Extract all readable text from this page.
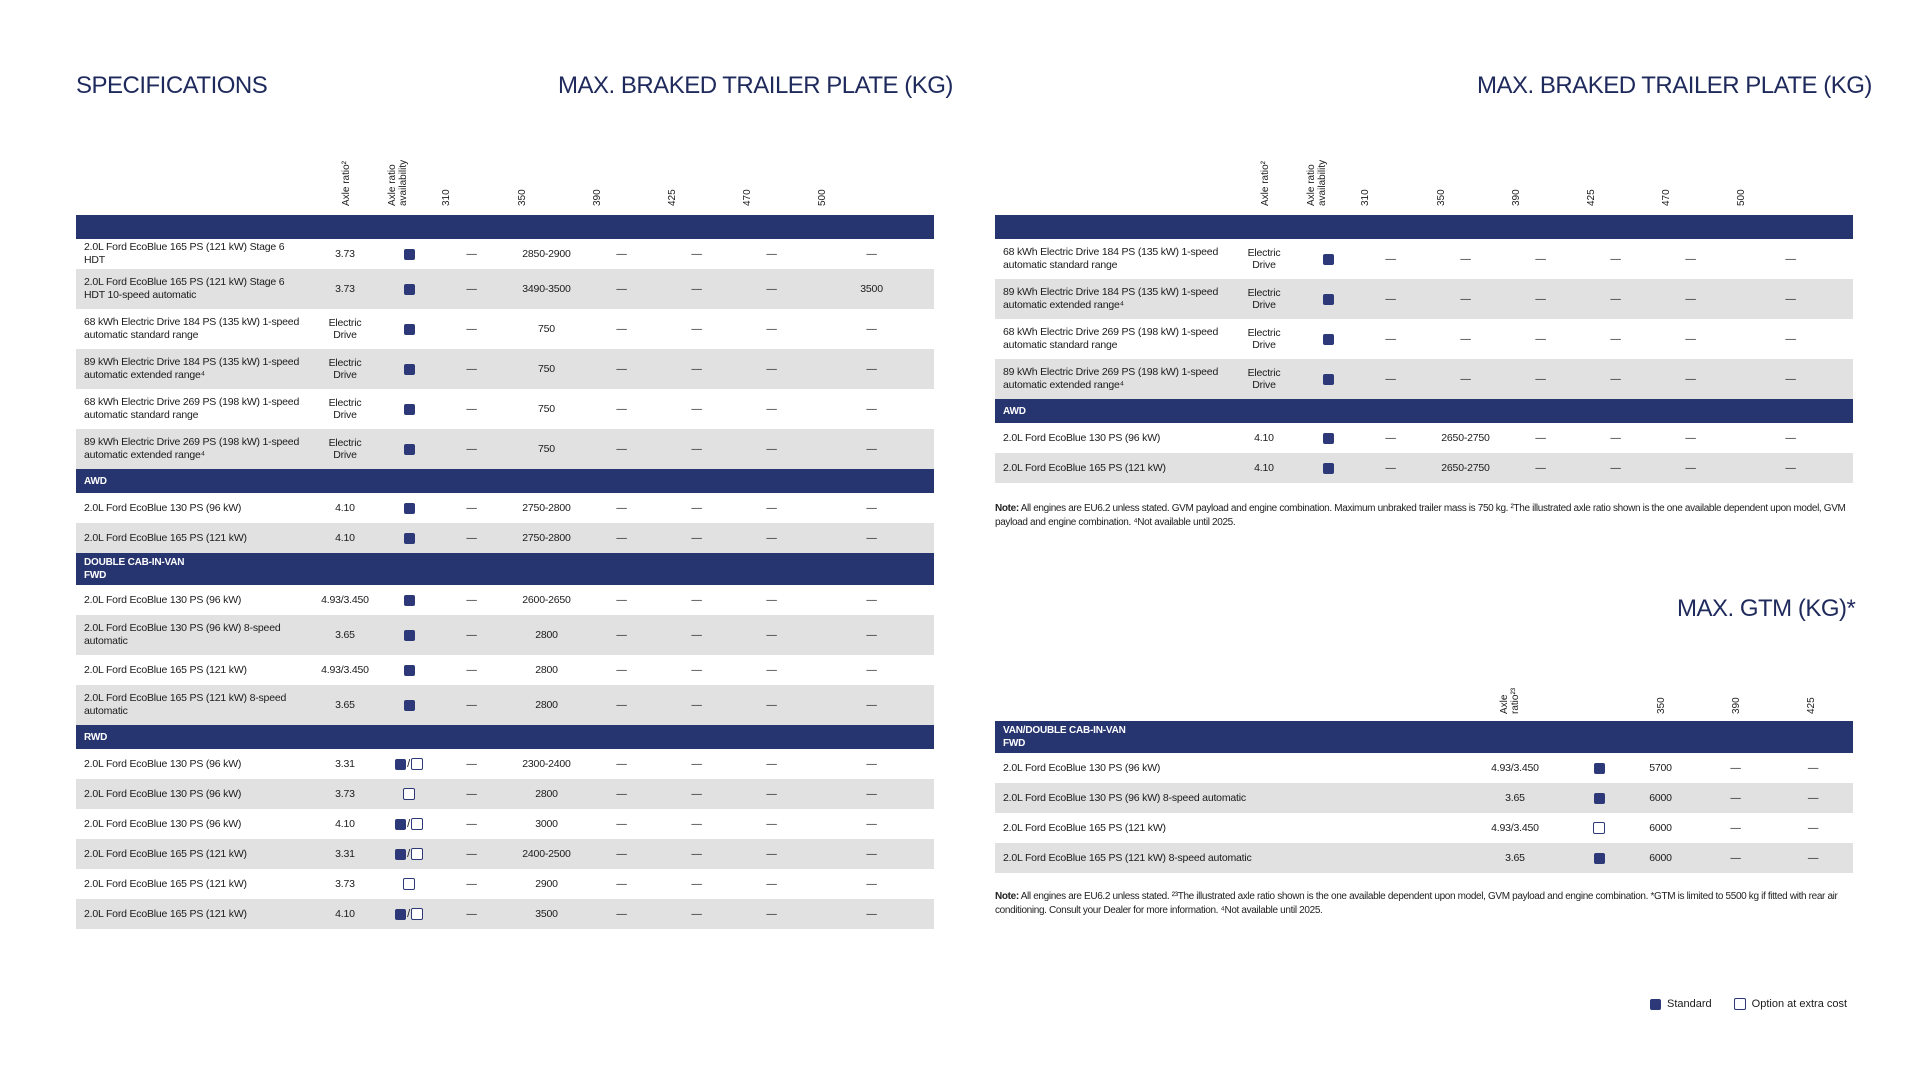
SPECIFICATIONS	MAX. BRAKED TRAILER PLATE (KG)	MAX. BRAKED TRAILER PLATE (KG)
MAX. GTM (KG)*
Axle ratio²	Axle ratio availability	310	350	390	425	470	500

2.0L Ford EcoBlue 165 PS (121 kW) Stage 6 HDT	3.73		—	2850-2900	—	—	—	—	
2.0L Ford EcoBlue 165 PS (121 kW) Stage 6 HDT 10-speed automatic	3.73		—	3490-3500	—	—	—	3500	
68 kWh Electric Drive 184 PS (135 kW) 1-speed automatic standard range	Electric Drive		—	750	—	—	—	—	
89 kWh Electric Drive 184 PS (135 kW) 1-speed automatic extended range⁴	Electric Drive		—	750	—	—	—	—	
68 kWh Electric Drive 269 PS (198 kW) 1-speed automatic standard range	Electric Drive		—	750	—	—	—	—	
89 kWh Electric Drive 269 PS (198 kW) 1-speed automatic extended range⁴	Electric Drive		—	750	—	—	—	—	
AWD									
2.0L Ford EcoBlue 130 PS (96 kW)	4.10		—	2750-2800	—	—	—	—	
2.0L Ford EcoBlue 165 PS (121 kW)	4.10		—	2750-2800	—	—	—	—	
DOUBLE CAB-IN-VAN
FWD									
2.0L Ford EcoBlue 130 PS (96 kW)	4.93/3.450		—	2600-2650	—	—	—	—	
2.0L Ford EcoBlue 130 PS (96 kW) 8-speed automatic	3.65		—	2800	—	—	—	—	
2.0L Ford EcoBlue 165 PS (121 kW)	4.93/3.450		—	2800	—	—	—	—	
2.0L Ford EcoBlue 165 PS (121 kW) 8-speed automatic	3.65		—	2800	—	—	—	—	
RWD									
2.0L Ford EcoBlue 130 PS (96 kW)	3.31	/	—	2300-2400	—	—	—	—	
2.0L Ford EcoBlue 130 PS (96 kW)	3.73		—	2800	—	—	—	—	
2.0L Ford EcoBlue 130 PS (96 kW)	4.10	/	—	3000	—	—	—	—	
2.0L Ford EcoBlue 165 PS (121 kW)	3.31	/	—	2400-2500	—	—	—	—	
2.0L Ford EcoBlue 165 PS (121 kW)	3.73		—	2900	—	—	—	—	
2.0L Ford EcoBlue 165 PS (121 kW)	4.10	/	—	3500	—	—	—	—	
Axle ratio²	Axle ratio availability	310	350	390	425	470	500

68 kWh Electric Drive 184 PS (135 kW) 1-speed automatic standard range	Electric Drive		—	—	—	—	—	—	
89 kWh Electric Drive 184 PS (135 kW) 1-speed automatic extended range⁴	Electric Drive		—	—	—	—	—	—	
68 kWh Electric Drive 269 PS (198 kW) 1-speed automatic standard range	Electric Drive		—	—	—	—	—	—	
89 kWh Electric Drive 269 PS (198 kW) 1-speed automatic extended range⁴	Electric Drive		—	—	—	—	—	—	
AWD									
2.0L Ford EcoBlue 130 PS (96 kW)	4.10		—	2650-2750	—	—	—	—	
2.0L Ford EcoBlue 165 PS (121 kW)	4.10		—	2650-2750	—	—	—	—	
Note: All engines are EU6.2 unless stated. GVM payload and engine combination. Maximum unbraked trailer mass is 750 kg. ²The illustrated axle ratio shown is the one available dependent upon model, GVM payload and engine combination. ⁴Not available until 2025.
Axle ratio²³	350	390	425
VAN/DOUBLE CAB-IN-VAN
FWD					
2.0L Ford EcoBlue 130 PS (96 kW)	4.93/3.450		5700	—	—
2.0L Ford EcoBlue 130 PS (96 kW) 8-speed automatic	3.65		6000	—	—
2.0L Ford EcoBlue 165 PS (121 kW)	4.93/3.450		6000	—	—
2.0L Ford EcoBlue 165 PS (121 kW) 8-speed automatic	3.65		6000	—	—
Note: All engines are EU6.2 unless stated. ²³The illustrated axle ratio shown is the one available dependent upon model, GVM payload and engine combination. *GTM is limited to 5500 kg if fitted with rear air conditioning. Consult your Dealer for more information. ⁴Not available until 2025.
Standard	Option at extra cost
